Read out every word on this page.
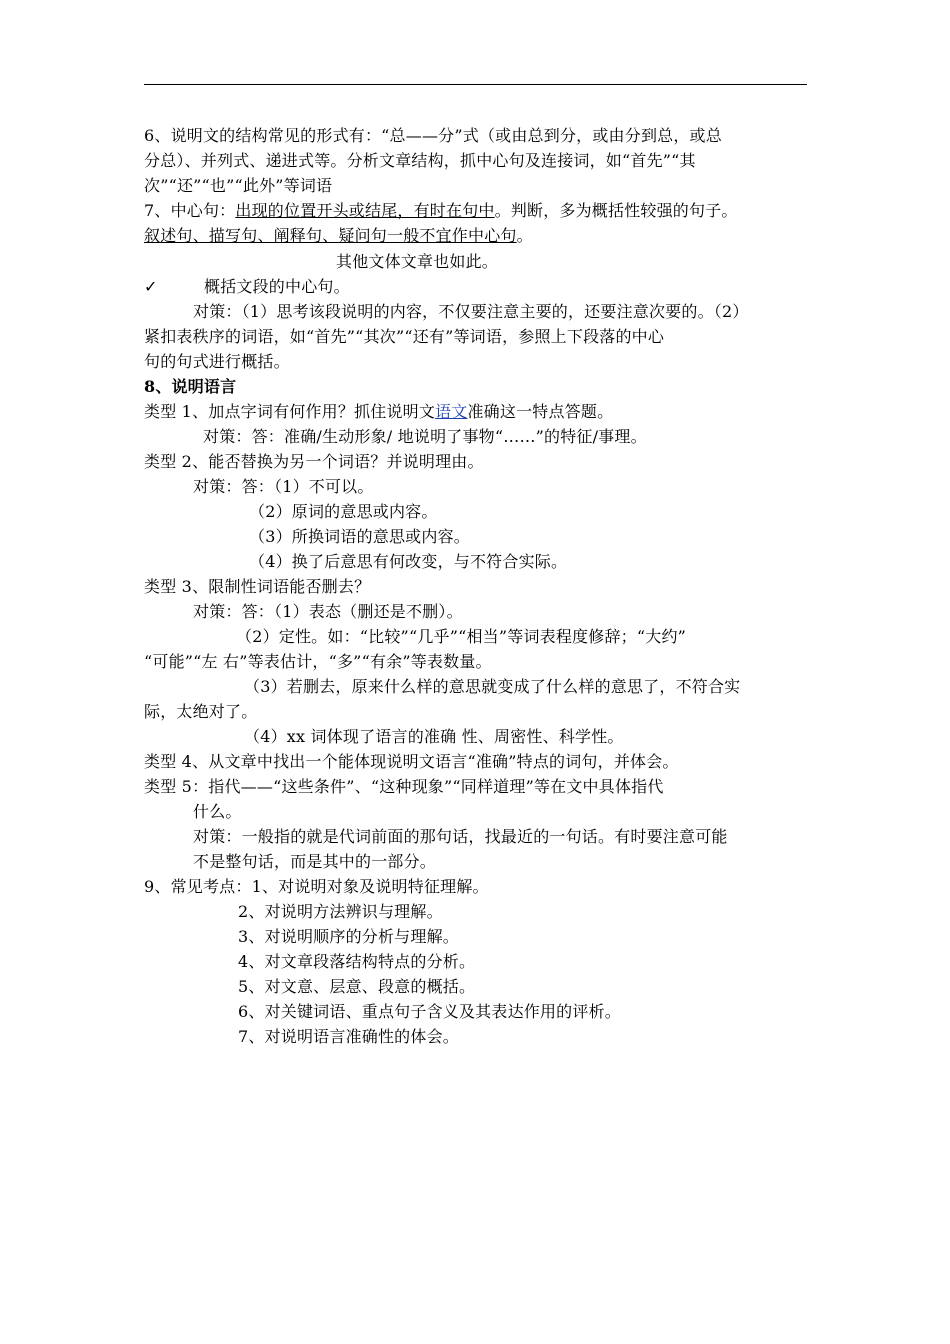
6、说明文的结构常见的形式有：“总——分”式（或由总到分，或由分到总，或总
分总）、并列式、递进式等。分析文章结构，抓中心句及连接词，如“首先”“其
次”“还”“也”“此外”等词语
7、中心句：出现的位置开头或结尾，有时在句中。判断，多为概括性较强的句子。
叙述句、描写句、阐释句、疑问句一般不宜作中心句。
其他文体文章也如此。
✓	概括文段的中心句。
对策：（1）思考该段说明的内容，不仅要注意主要的，还要注意次要的。（2）
紧扣表秩序的词语，如“首先”“其次”“还有”等词语，参照上下段落的中心
句的句式进行概括。
8、说明语言
类型 1、加点字词有何作用？抓住说明文语文准确这一特点答题。
对策：答：准确/生动形象/ 地说明了事物“……”的特征/事理。
类型 2、能否替换为另一个词语？并说明理由。
对策：答：（1）不可以。
（2）原词的意思或内容。
（3）所换词语的意思或内容。
（4）换了后意思有何改变，与不符合实际。
类型 3、限制性词语能否删去？
对策：答：（1）表态（删还是不删）。
（2）定性。如：“比较”“几乎”“相当”等词表程度修辞；“大约”
“可能”“左 右”等表估计，“多”“有余”等表数量。
（3）若删去，原来什么样的意思就变成了什么样的意思了，不符合实
际，太绝对了。
（4）xx 词体现了语言的准确 性、周密性、科学性。
类型 4、从文章中找出一个能体现说明文语言“准确”特点的词句，并体会。
类型 5：指代——“这些条件”、“这种现象”“同样道理”等在文中具体指代
什么。
对策：一般指的就是代词前面的那句话，找最近的一句话。有时要注意可能
不是整句话，而是其中的一部分。
9、常见考点：1、对说明对象及说明特征理解。
2、对说明方法辨识与理解。
3、对说明顺序的分析与理解。
4、对文章段落结构特点的分析。
5、对文意、层意、段意的概括。
6、对关键词语、重点句子含义及其表达作用的评析。
7、对说明语言准确性的体会。
